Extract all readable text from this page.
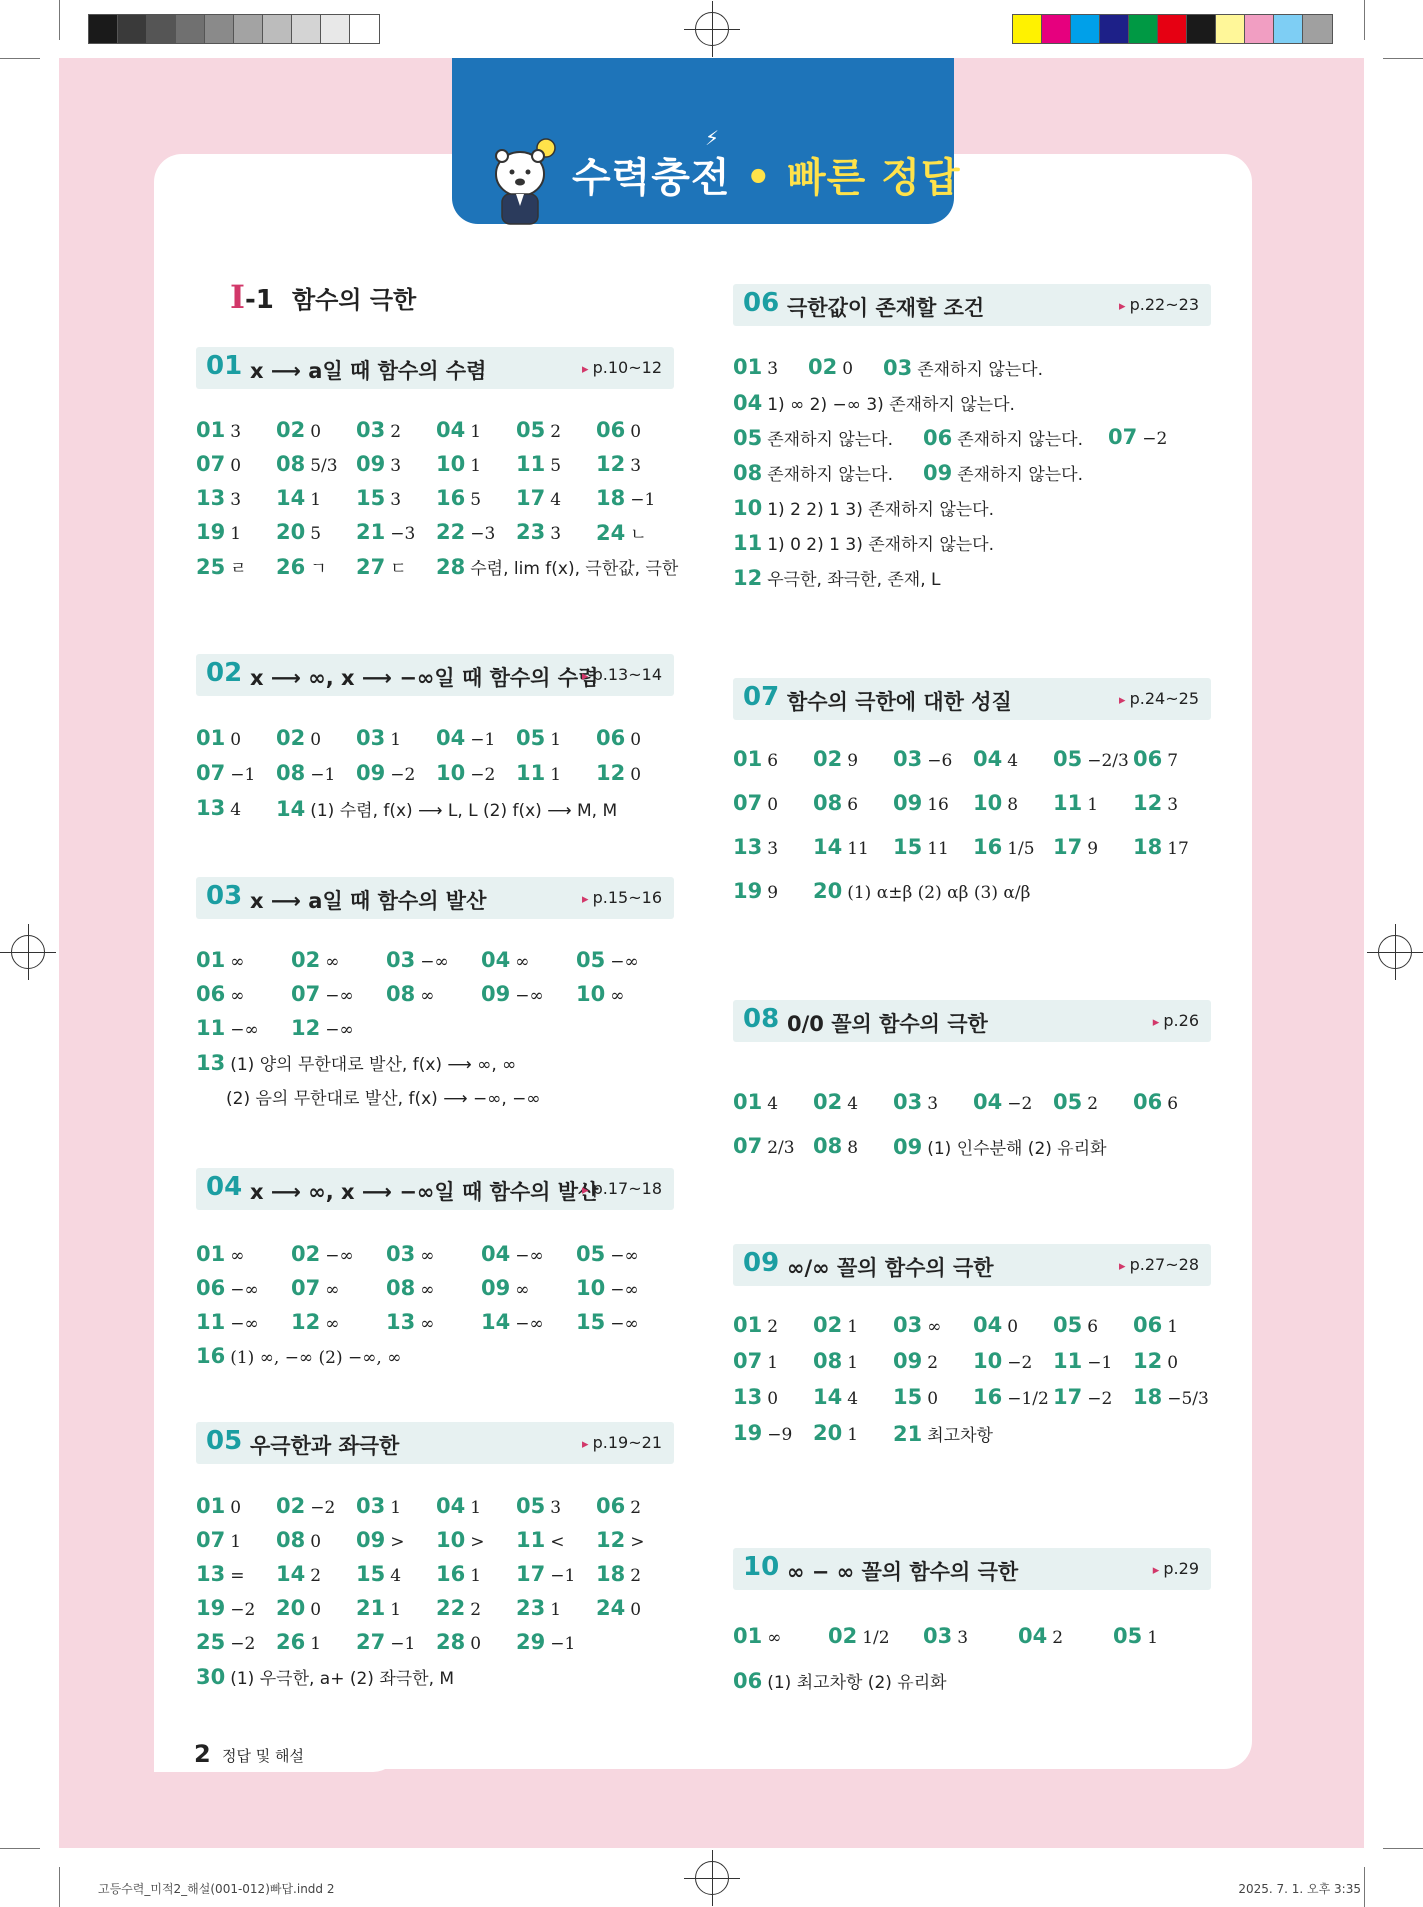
⚡
수력충전 • 빠른 정답
I-1 함수의 극한
01 x ⟶ a일 때 함수의 수렴	▸ p.10~12
01 3 02 0 03 2 04 1 05 2 06 0
07 0 08 5/3 09 3 10 1 11 5 12 3
13 3 14 1 15 3 16 5 17 4 18 −1
19 1 20 5 21 −3 22 −3 23 3 24 ㄴ
25 ㄹ 26 ㄱ 27 ㄷ 28 수렴, lim f(x), 극한값, 극한
02 x ⟶ ∞, x ⟶ −∞일 때 함수의 수렴
▸ p.13~14
01 0 02 0 03 1 04 −1 05 1 06 0
07 −1 08 −1 09 −2 10 −2 11 1 12 0
13 4 14 (1) 수렴, f(x) ⟶ L, L (2) f(x) ⟶ M, M
03 x ⟶ a일 때 함수의 발산	▸ p.15~16
01 ∞ 02 ∞ 03 −∞ 04 ∞ 05 −∞
06 ∞ 07 −∞ 08 ∞ 09 −∞ 10 ∞
11 −∞ 12 −∞
13 (1) 양의 무한대로 발산, f(x) ⟶ ∞, ∞
(2) 음의 무한대로 발산, f(x) ⟶ −∞, −∞
04 x ⟶ ∞, x ⟶ −∞일 때 함수의 발산
▸ p.17~18
01 ∞ 02 −∞ 03 ∞ 04 −∞ 05 −∞
06 −∞ 07 ∞ 08 ∞ 09 ∞ 10 −∞
11 −∞ 12 ∞ 13 ∞ 14 −∞ 15 −∞
16 (1) ∞, −∞ (2) −∞, ∞
05 우극한과 좌극한	▸ p.19~21
01 0 02 −2 03 1 04 1 05 3 06 2
07 1 08 0 09 > 10 > 11 < 12 >
13 = 14 2 15 4 16 1 17 −1 18 2
19 −2 20 0 21 1 22 2 23 1 24 0
25 −2 26 1 27 −1 28 0 29 −1
30 (1) 우극한, a+ (2) 좌극한, M
06 극한값이 존재할 조건	▸ p.22~23
01 3 02 0 03 존재하지 않는다.
04 1) ∞ 2) −∞ 3) 존재하지 않는다.
05 존재하지 않는다. 06 존재하지 않는다. 07 −2
08 존재하지 않는다. 09 존재하지 않는다.
10 1) 2 2) 1 3) 존재하지 않는다.
11 1) 0 2) 1 3) 존재하지 않는다.
12 우극한, 좌극한, 존재, L
07 함수의 극한에 대한 성질	▸ p.24~25
01 6 02 9 03 −6 04 4 05 −2/3 06 7
07 0 08 6 09 16 10 8 11 1 12 3
13 3 14 11 15 11 16 1/5 17 9 18 17
19 9 20 (1) α±β (2) αβ (3) α/β
08 0/0 꼴의 함수의 극한	▸ p.26
01 4 02 4 03 3 04 −2 05 2 06 6
07 2/3 08 8 09 (1) 인수분해 (2) 유리화
09 ∞/∞ 꼴의 함수의 극한	▸ p.27~28
01 2 02 1 03 ∞ 04 0 05 6 06 1
07 1 08 1 09 2 10 −2 11 −1 12 0
13 0 14 4 15 0 16 −1/2 17 −2 18 −5/3
19 −9 20 1 21 최고차항
10 ∞ − ∞ 꼴의 함수의 극한	▸ p.29
01 ∞ 02 1/2 03 3 04 2 05 1
06 (1) 최고차항 (2) 유리화
2 정답 및 해설
고등수력_미적2_해설(001-012)빠답.indd 2	2025. 7. 1. 오후 3:35
